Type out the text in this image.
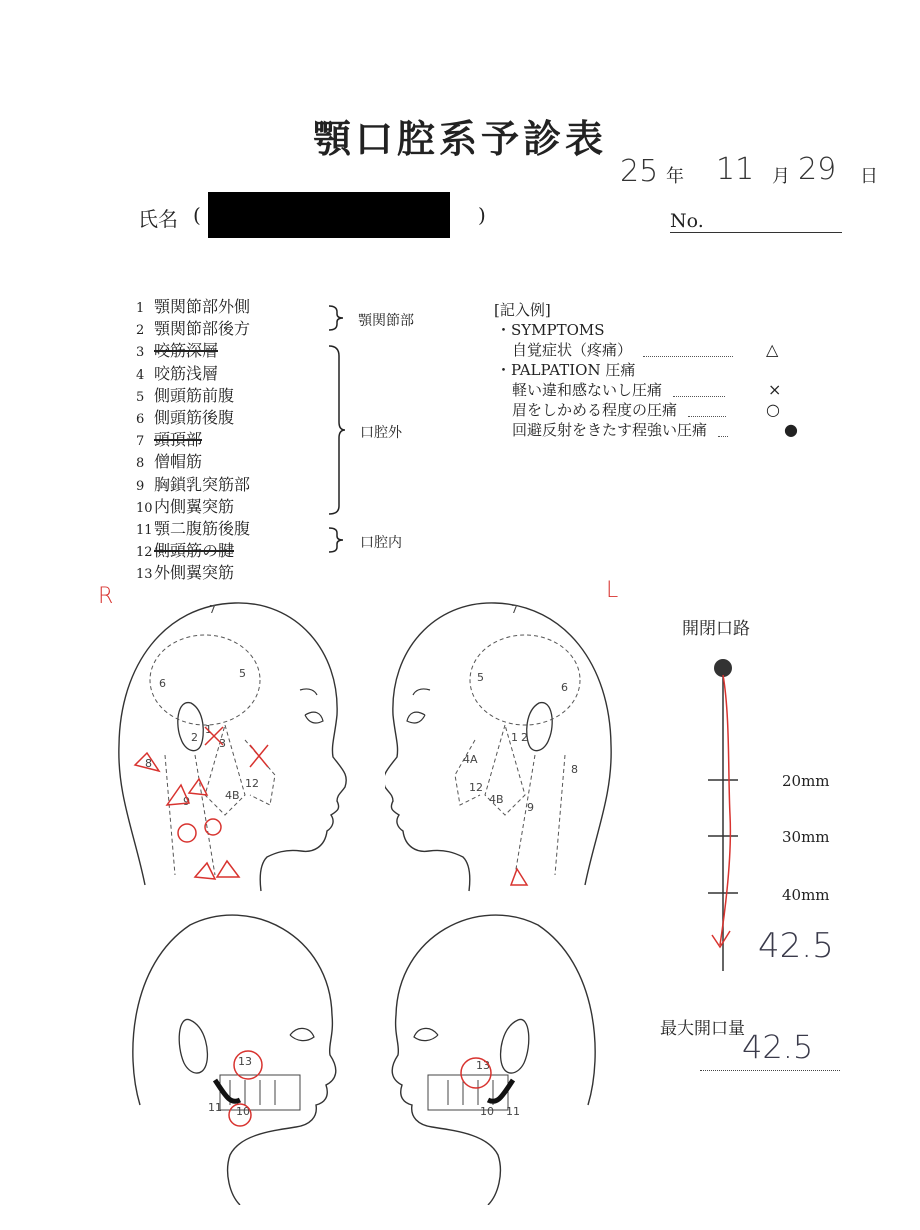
顎口腔系予診表
25 年 11 月 29 日
氏名 (	)	No.
1 顎関節部外側
2 顎関節部後方
3 咬筋深層
4 咬筋浅層
5 側頭筋前腹
6 側頭筋後腹
7 頭頂部
8 僧帽筋
9 胸鎖乳突筋部
10内側翼突筋
11顎二腹筋後腹
12側頭筋の腱
13外側翼突筋
顎関節部
口腔外
口腔内
[記入例]
・SYMPTOMS
自覚症状（疼痛）	△
・PALPATION 圧痛
軽い違和感ないし圧痛	×
眉をしかめる程度の圧痛	○
回避反射をきたす程強い圧痛	●
R	L
7
6
5
2
1
3
8
9	4B
12
7
5
6
4A
1 2
8
12
4B
9
13
11 10
13
10 11
開閉口路
20mm
30mm
40mm
42.5
最大開口量
42.5
